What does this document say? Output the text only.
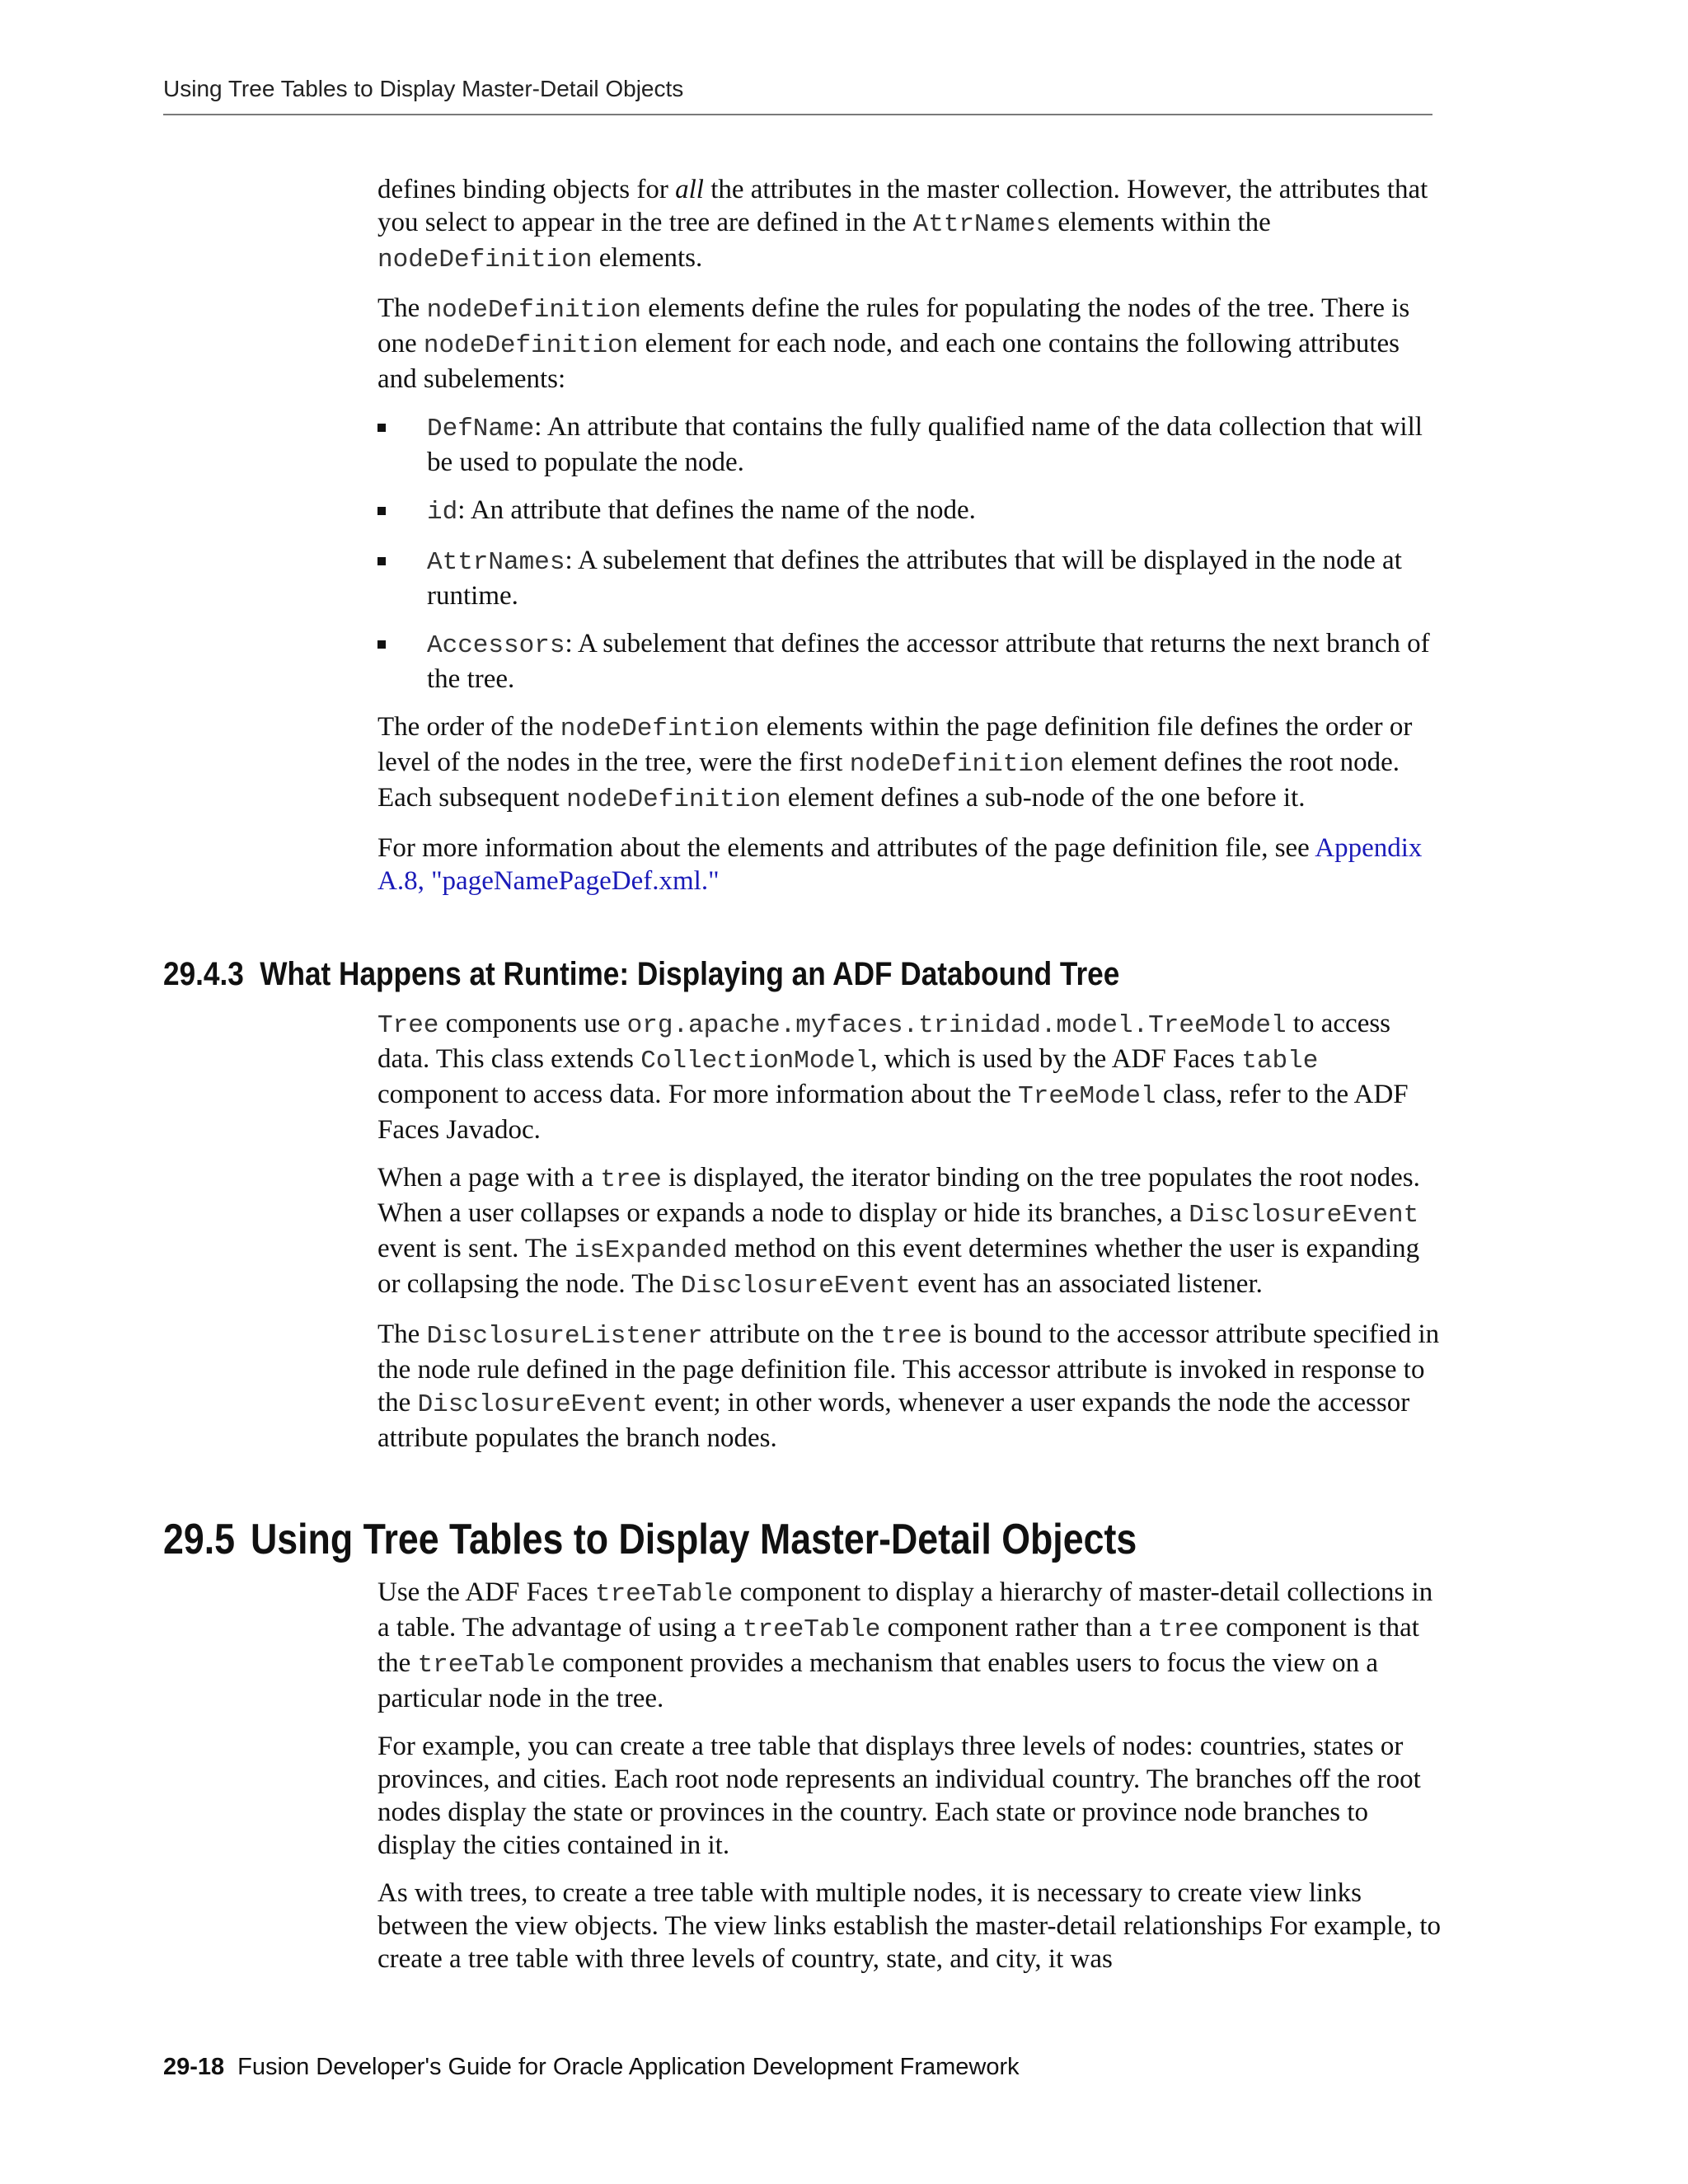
Using Tree Tables to Display Master-Detail Objects

defines binding objects for all the attributes in the master collection. However, the attributes that you select to appear in the tree are defined in the AttrNames elements within the nodeDefinition elements.

The nodeDefinition elements define the rules for populating the nodes of the tree. There is one nodeDefinition element for each node, and each one contains the following attributes and subelements:

DefName: An attribute that contains the fully qualified name of the data collection that will be used to populate the node.
id: An attribute that defines the name of the node.
AttrNames: A subelement that defines the attributes that will be displayed in the node at runtime.
Accessors: A subelement that defines the accessor attribute that returns the next branch of the tree.

The order of the nodeDefintion elements within the page definition file defines the order or level of the nodes in the tree, were the first nodeDefinition element defines the root node. Each subsequent nodeDefinition element defines a sub-node of the one before it.

For more information about the elements and attributes of the page definition file, see Appendix A.8, "pageNamePageDef.xml."

29.4.3 What Happens at Runtime: Displaying an ADF Databound Tree

Tree components use org.apache.myfaces.trinidad.model.TreeModel to access data. This class extends CollectionModel, which is used by the ADF Faces table component to access data. For more information about the TreeModel class, refer to the ADF Faces Javadoc.

When a page with a tree is displayed, the iterator binding on the tree populates the root nodes. When a user collapses or expands a node to display or hide its branches, a DisclosureEvent event is sent. The isExpanded method on this event determines whether the user is expanding or collapsing the node. The DisclosureEvent event has an associated listener.

The DisclosureListener attribute on the tree is bound to the accessor attribute specified in the node rule defined in the page definition file. This accessor attribute is invoked in response to the DisclosureEvent event; in other words, whenever a user expands the node the accessor attribute populates the branch nodes.

29.5 Using Tree Tables to Display Master-Detail Objects

Use the ADF Faces treeTable component to display a hierarchy of master-detail collections in a table. The advantage of using a treeTable component rather than a tree component is that the treeTable component provides a mechanism that enables users to focus the view on a particular node in the tree.

For example, you can create a tree table that displays three levels of nodes: countries, states or provinces, and cities. Each root node represents an individual country. The branches off the root nodes display the state or provinces in the country. Each state or province node branches to display the cities contained in it.

As with trees, to create a tree table with multiple nodes, it is necessary to create view links between the view objects. The view links establish the master-detail relationships For example, to create a tree table with three levels of country, state, and city, it was

29-18 Fusion Developer's Guide for Oracle Application Development Framework
